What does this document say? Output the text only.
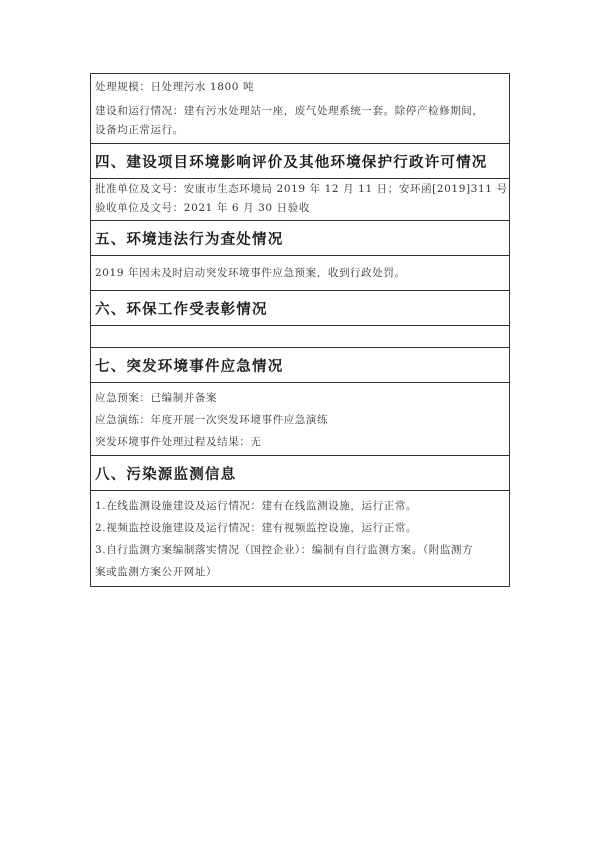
处理规模：日处理污水 1800 吨
建设和运行情况：建有污水处理站一座，废气处理系统一套。除停产检修期间，
设备均正常运行。
四、建设项目环境影响评价及其他环境保护行政许可情况
批准单位及文号：安康市生态环境局 2019 年 12 月 11 日；安环函[2019]311 号
验收单位及文号：2021 年 6 月 30 日验收
五、环境违法行为查处情况
2019 年因未及时启动突发环境事件应急预案，收到行政处罚。
六、环保工作受表彰情况
七、突发环境事件应急情况
应急预案：已编制并备案
应急演练：年度开展一次突发环境事件应急演练
突发环境事件处理过程及结果：无
八、污染源监测信息
1.在线监测设施建设及运行情况：建有在线监测设施，运行正常。
2.视频监控设施建设及运行情况：建有视频监控设施，运行正常。
3.自行监测方案编制落实情况（国控企业）：编制有自行监测方案。（附监测方
案或监测方案公开网址）
